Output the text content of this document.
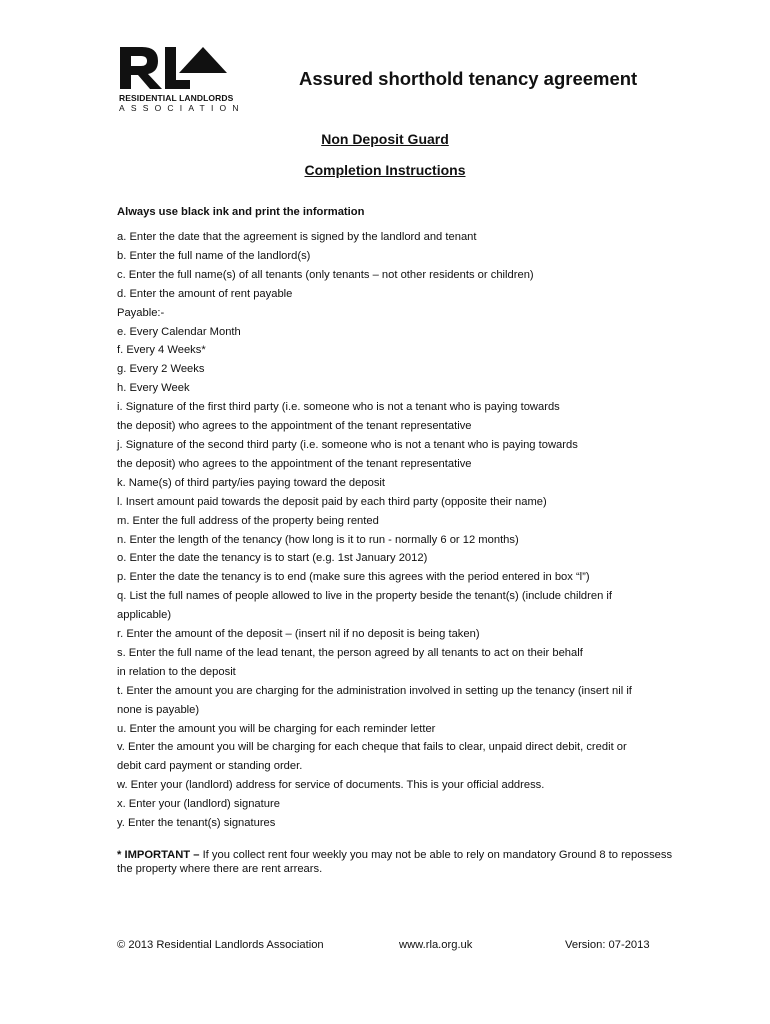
RESIDENTIAL LANDLORDS
ASSOCIATION
Assured shorthold tenancy agreement
Non Deposit Guard
Completion Instructions
Always use black ink and print the information
a. Enter the date that the agreement is signed by the landlord and tenant
b. Enter the full name of the landlord(s)
c. Enter the full name(s) of all tenants (only tenants – not other residents or children)
d. Enter the amount of rent payable
Payable:-
e. Every Calendar Month
f. Every 4 Weeks*
g. Every 2 Weeks
h. Every Week
i. Signature of the first third party (i.e. someone who is not a tenant who is paying towards
the deposit) who agrees to the appointment of the tenant representative
j. Signature of the second third party (i.e. someone who is not a tenant who is paying towards
the deposit) who agrees to the appointment of the tenant representative
k. Name(s) of third party/ies paying toward the deposit
l. Insert amount paid towards the deposit paid by each third party (opposite their name)
m. Enter the full address of the property being rented
n. Enter the length of the tenancy (how long is it to run - normally 6 or 12 months)
o. Enter the date the tenancy is to start (e.g. 1st January 2012)
p. Enter the date the tenancy is to end (make sure this agrees with the period entered in box “l”)
q. List the full names of people allowed to live in the property beside the tenant(s) (include children if
applicable)
r. Enter the amount of the deposit – (insert nil if no deposit is being taken)
s. Enter the full name of the lead tenant, the person agreed by all tenants to act on their behalf
in relation to the deposit
t. Enter the amount you are charging for the administration involved in setting up the tenancy (insert nil if
none is payable)
u. Enter the amount you will be charging for each reminder letter
v. Enter the amount you will be charging for each cheque that fails to clear, unpaid direct debit, credit or
debit card payment or standing order.
w. Enter your (landlord) address for service of documents. This is your official address.
x. Enter your (landlord) signature
y. Enter the tenant(s) signatures
* IMPORTANT – If you collect rent four weekly you may not be able to rely on mandatory Ground 8 to repossess the property where there are rent arrears.
© 2013 Residential Landlords Association	www.rla.org.uk	Version: 07-2013
